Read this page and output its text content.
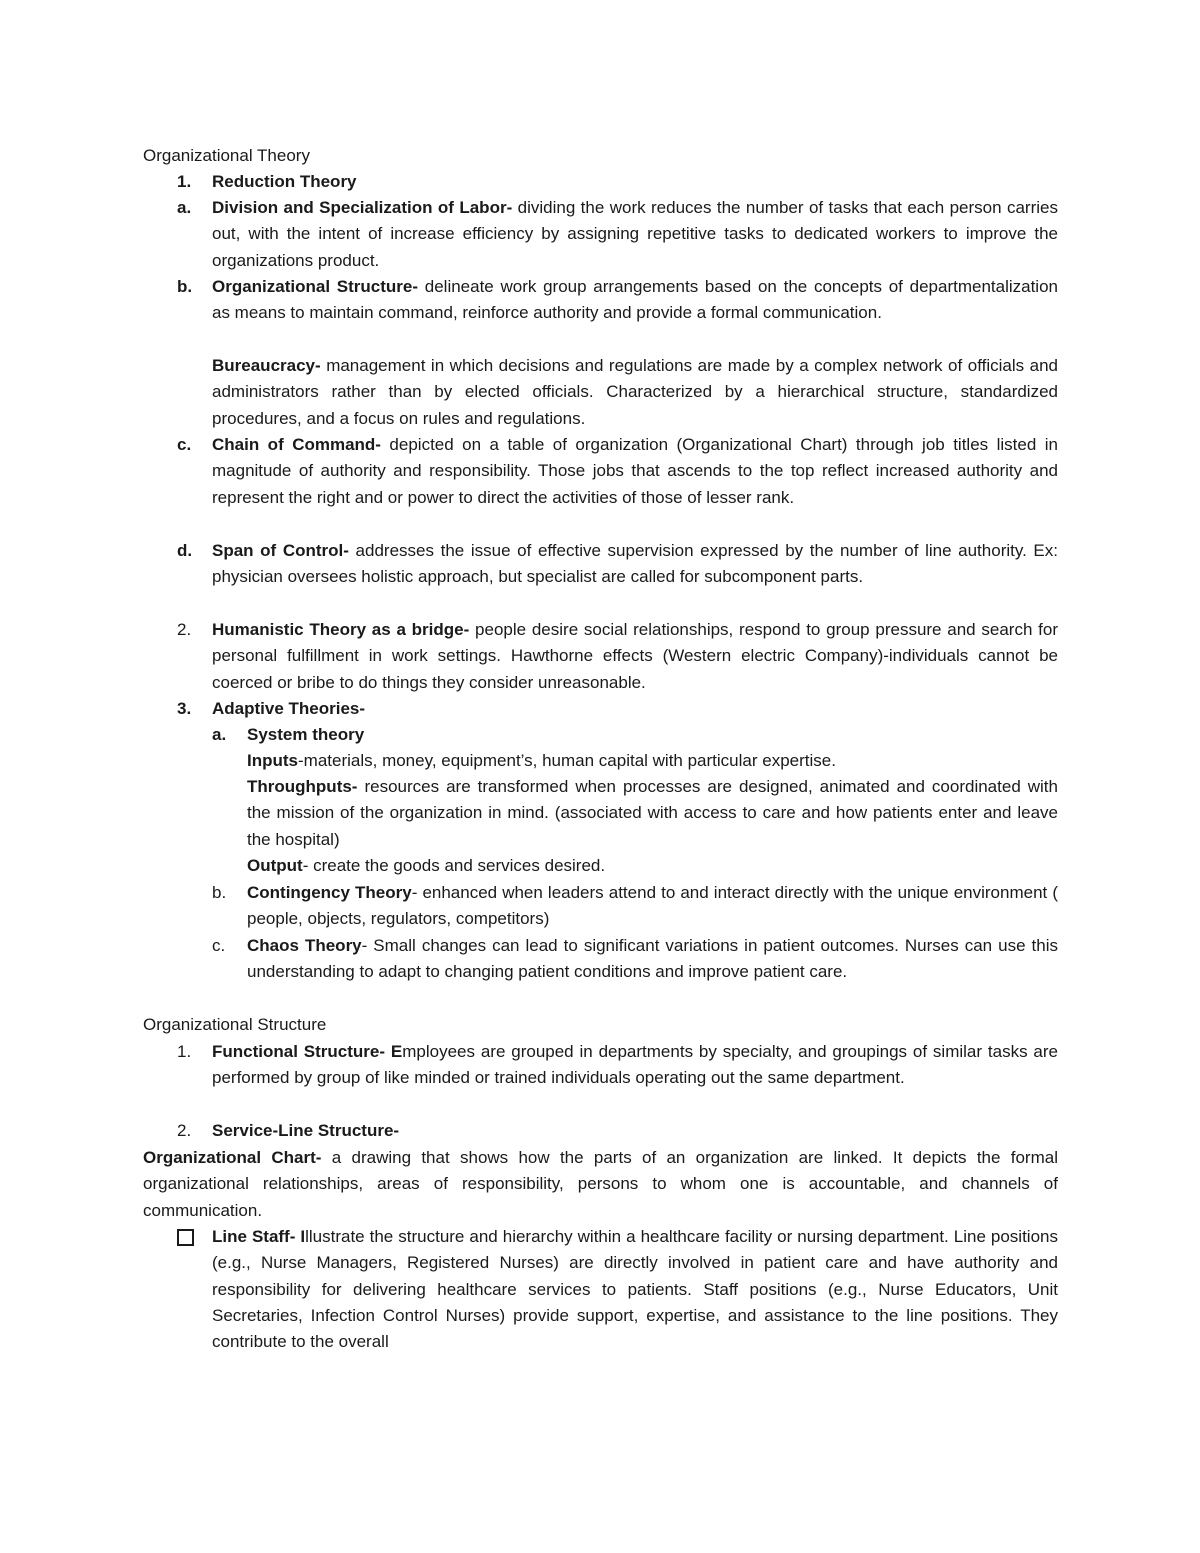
Organizational Theory
1. Reduction Theory
a. Division and Specialization of Labor- dividing the work reduces the number of tasks that each person carries out, with the intent of increase efficiency by assigning repetitive tasks to dedicated workers to improve the organizations product.
b. Organizational Structure- delineate work group arrangements based on the concepts of departmentalization as means to maintain command, reinforce authority and provide a formal communication.
Bureaucracy- management in which decisions and regulations are made by a complex network of officials and administrators rather than by elected officials. Characterized by a hierarchical structure, standardized procedures, and a focus on rules and regulations.
c. Chain of Command- depicted on a table of organization (Organizational Chart) through job titles listed in magnitude of authority and responsibility. Those jobs that ascends to the top reflect increased authority and represent the right and or power to direct the activities of those of lesser rank.
d. Span of Control- addresses the issue of effective supervision expressed by the number of line authority. Ex: physician oversees holistic approach, but specialist are called for subcomponent parts.
2. Humanistic Theory as a bridge- people desire social relationships, respond to group pressure and search for personal fulfillment in work settings. Hawthorne effects (Western electric Company)-individuals cannot be coerced or bribe to do things they consider unreasonable.
3. Adaptive Theories-
a. System theory
Inputs-materials, money, equipment’s, human capital with particular expertise.
Throughputs- resources are transformed when processes are designed, animated and coordinated with the mission of the organization in mind. (associated with access to care and how patients enter and leave the hospital)
Output- create the goods and services desired.
b. Contingency Theory- enhanced when leaders attend to and interact directly with the unique environment ( people, objects, regulators, competitors)
c. Chaos Theory- Small changes can lead to significant variations in patient outcomes. Nurses can use this understanding to adapt to changing patient conditions and improve patient care.
Organizational Structure
1. Functional Structure- Employees are grouped in departments by specialty, and groupings of similar tasks are performed by group of like minded or trained individuals operating out the same department.
2. Service-Line Structure-
Organizational Chart- a drawing that shows how the parts of an organization are linked. It depicts the formal organizational relationships, areas of responsibility, persons to whom one is accountable, and channels of communication.
Line Staff- Illustrate the structure and hierarchy within a healthcare facility or nursing department. Line positions (e.g., Nurse Managers, Registered Nurses) are directly involved in patient care and have authority and responsibility for delivering healthcare services to patients. Staff positions (e.g., Nurse Educators, Unit Secretaries, Infection Control Nurses) provide support, expertise, and assistance to the line positions. They contribute to the overall
